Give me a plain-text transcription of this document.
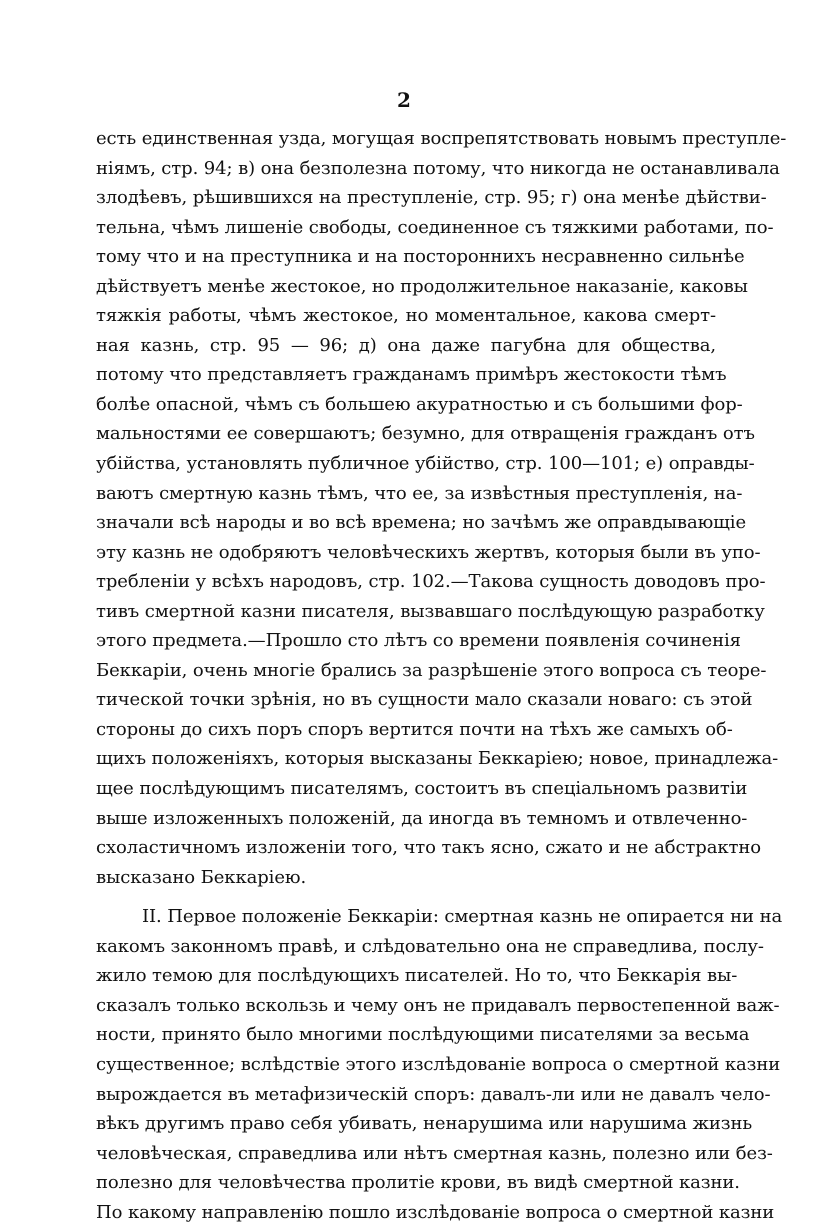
2
есть единственная узда, могущая воспрепятствовать новымъ преступле-
ніямъ, стр. 94; в) она безполезна потому, что никогда не останавливала
злодѣевъ, рѣшившихся на преступленіе, стр. 95; г) она менѣе дѣйстви-
тельна, чѣмъ лишеніе свободы, соединенное съ тяжкими работами, по-
тому что и на преступника и на постороннихъ несравненно сильнѣе
дѣйствуетъ менѣе жестокое, но продолжительное наказаніе, каковы
тяжкія работы, чѣмъ жестокое, но моментальное, какова смерт-
ная казнь, стр. 95 — 96; д) она даже пагубна для общества,
потому что представляетъ гражданамъ примѣръ жестокости тѣмъ
болѣе опасной, чѣмъ съ большею акуратностью и съ большими фор-
мальностями ее совершаютъ; безумно, для отвращенія гражданъ отъ
убійства, установлять публичное убійство, стр. 100—101; е) оправды-
ваютъ смертную казнь тѣмъ, что ее, за извѣстныя преступленія, на-
значали всѣ народы и во всѣ времена; но зачѣмъ же оправдывающіе
эту казнь не одобряютъ человѣческихъ жертвъ, которыя были въ упо-
требленіи у всѣхъ народовъ, стр. 102.—Такова сущность доводовъ про-
тивъ смертной казни писателя, вызвавшаго послѣдующую разработку
этого предмета.—Прошло сто лѣтъ со времени появленія сочиненія
Беккаріи, очень многіе брались за разрѣшеніе этого вопроса съ теоре-
тической точки зрѣнія, но въ сущности мало сказали новаго: съ этой
стороны до сихъ поръ споръ вертится почти на тѣхъ же самыхъ об-
щихъ положеніяхъ, которыя высказаны Беккаріею; новое, принадлежа-
щее послѣдующимъ писателямъ, состоитъ въ спеціальномъ развитіи
выше изложенныхъ положеній, да иногда въ темномъ и отвлеченно-
схоластичномъ изложеніи того, что такъ ясно, сжато и не абстрактно
высказано Беккаріею.
II. Первое положеніе Беккаріи: смертная казнь не опирается ни на
какомъ законномъ правѣ, и слѣдовательно она не справедлива, послу-
жило темою для послѣдующихъ писателей. Но то, что Беккарія вы-
сказалъ только вскользь и чему онъ не придавалъ первостепенной важ-
ности, принято было многими послѣдующими писателями за весьма
существенное; вслѣдствіе этого изслѣдованіе вопроса о смертной казни
вырождается въ метафизическій споръ: давалъ-ли или не давалъ чело-
вѣкъ другимъ право себя убивать, ненарушима или нарушима жизнь
человѣческая, справедлива или нѣтъ смертная казнь, полезно или без-
полезно для человѣчества пролитіе крови, въ видѣ смертной казни.
По какому направленію пошло изслѣдованіе вопроса о смертной казни
